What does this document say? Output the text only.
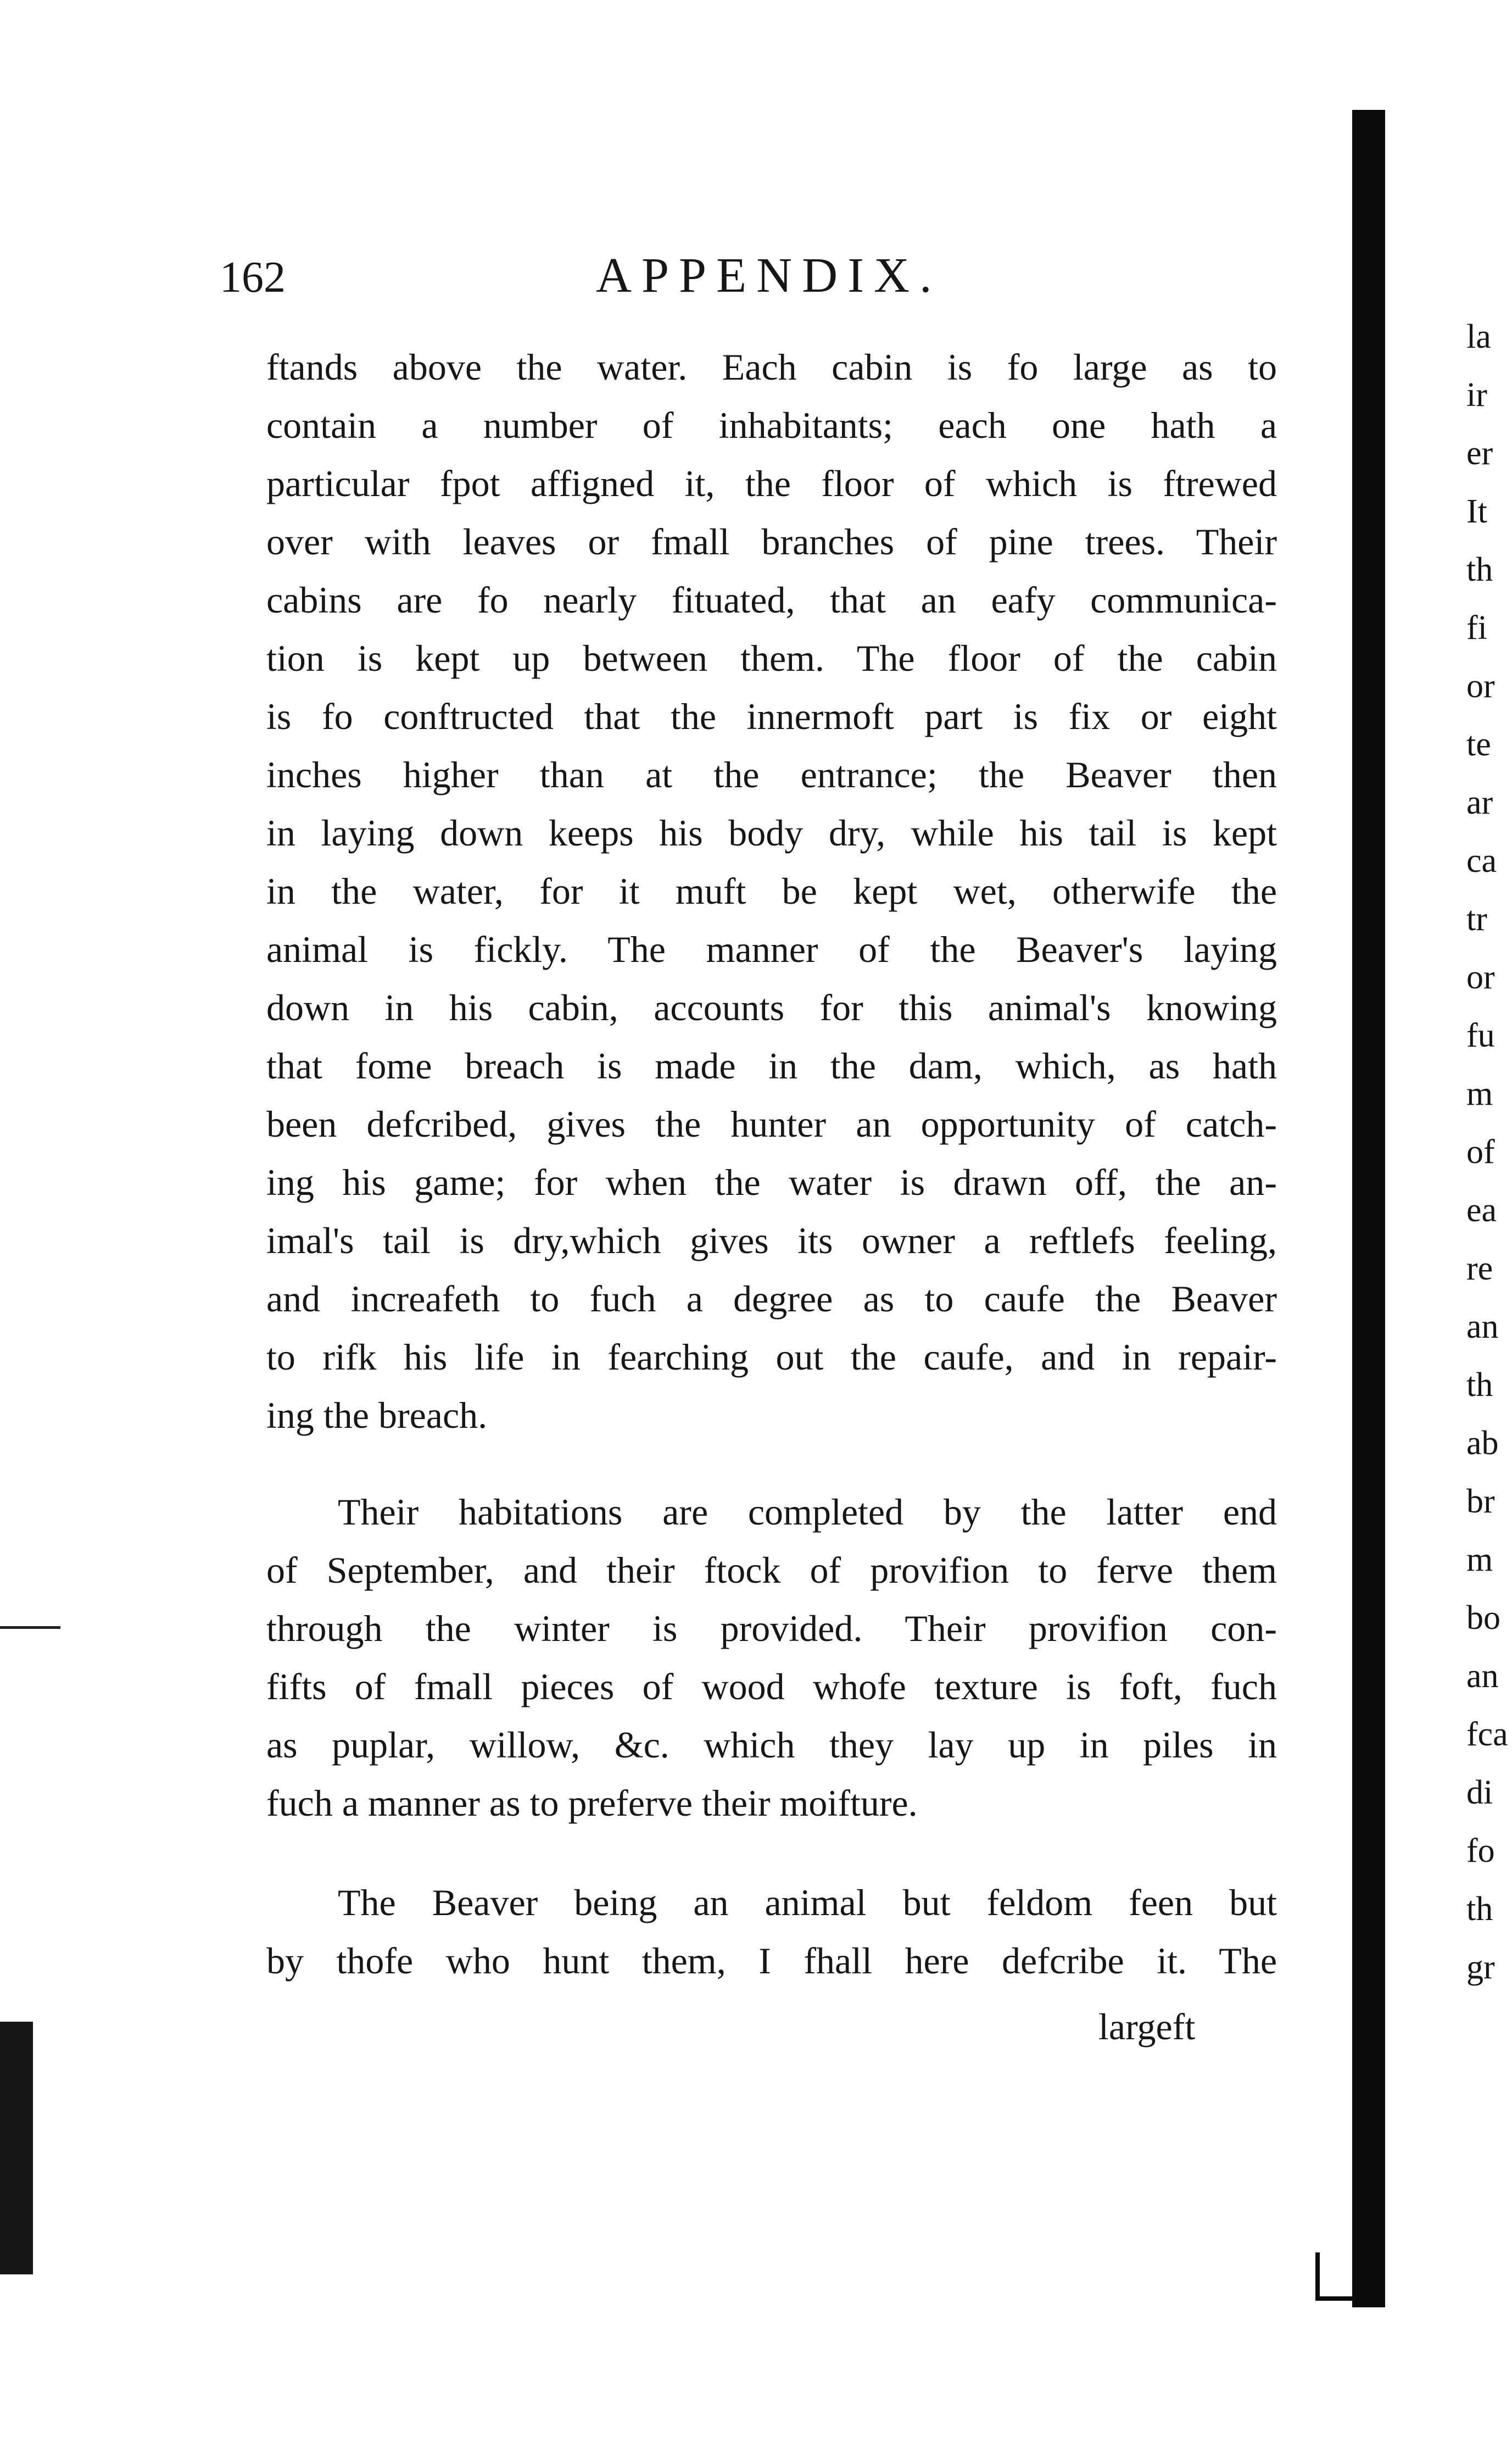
162	APPENDIX.

ftands above the water. Each cabin is fo large as to
contain a number of inhabitants; each one hath a
particular fpot affigned it, the floor of which is ftrewed
over with leaves or fmall branches of pine trees. Their
cabins are fo nearly fituated, that an eafy communica-
tion is kept up between them. The floor of the cabin
is fo conftructed that the innermoft part is fix or eight
inches higher than at the entrance; the Beaver then
in laying down keeps his body dry, while his tail is kept
in the water, for it muft be kept wet, otherwife the
animal is fickly. The manner of the Beaver's laying
down in his cabin, accounts for this animal's knowing
that fome breach is made in the dam, which, as hath
been defcribed, gives the hunter an opportunity of catch-
ing his game; for when the water is drawn off, the an-
imal's tail is dry,which gives its owner a reftlefs feeling,
and increafeth to fuch a degree as to caufe the Beaver
to rifk his life in fearching out the caufe, and in repair-
ing the breach.

Their habitations are completed by the latter end
of September, and their ftock of provifion to ferve them
through the winter is provided. Their provifion con-
fifts of fmall pieces of wood whofe texture is foft, fuch
as puplar, willow, &c. which they lay up in piles in
fuch a manner as to preferve their moifture.

The Beaver being an animal but feldom feen but
by thofe who hunt them, I fhall here defcribe it. The

largeft
la
ir
er
It
th
fi
or
te
ar
ca
tr
or
fu
m
of
ea
re
an
th
ab
br
m
bo
an
fca
di
fo
th
gr
